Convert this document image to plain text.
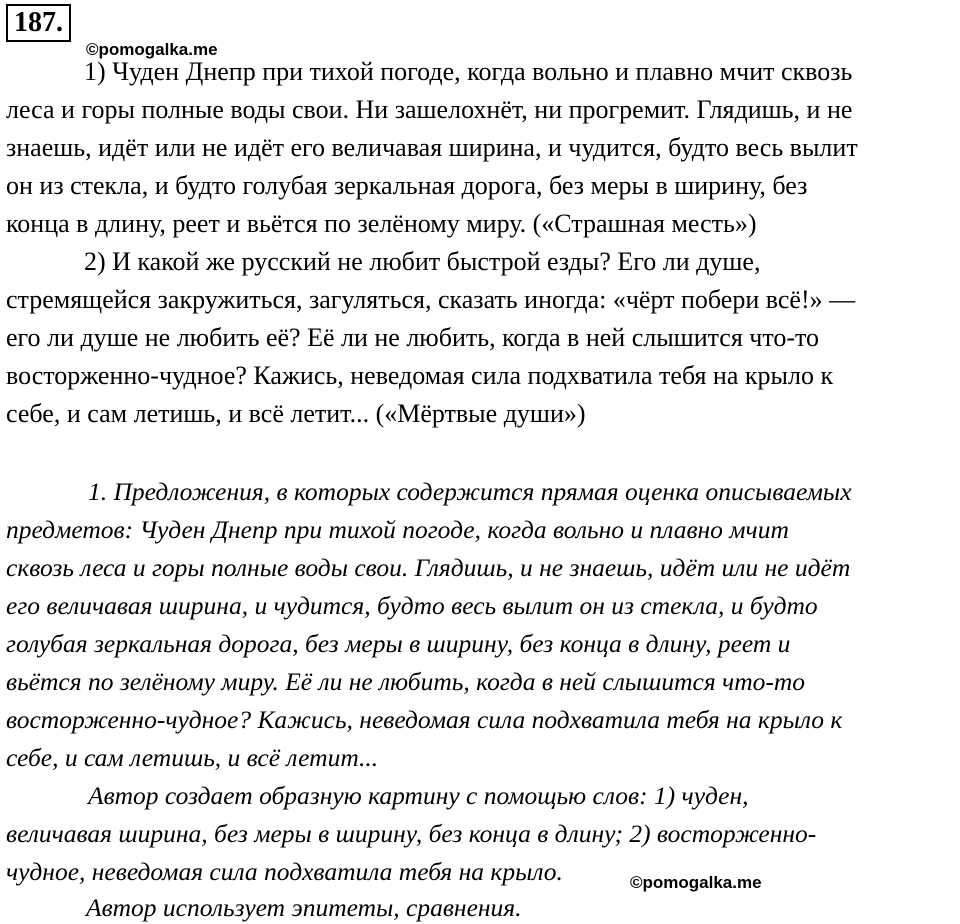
187.
©pomogalka.me
1) Чуден Днепр при тихой погоде, когда вольно и плавно мчит сквозь
леса и горы полные воды свои. Ни зашелохнёт, ни прогремит. Глядишь, и не
знаешь, идёт или не идёт его величавая ширина, и чудится, будто весь вылит
он из стекла, и будто голубая зеркальная дорога, без меры в ширину, без
конца в длину, реет и вьётся по зелёному миру. («Страшная месть»)
2) И какой же русский не любит быстрой езды? Его ли душе,
стремящейся закружиться, загуляться, сказать иногда: «чёрт побери всё!» —
его ли душе не любить её? Её ли не любить, когда в ней слышится что-то
восторженно-чудное? Кажись, неведомая сила подхватила тебя на крыло к
себе, и сам летишь, и всё летит... («Мёртвые души»)
1. Предложения, в которых содержится прямая оценка описываемых
предметов: Чуден Днепр при тихой погоде, когда вольно и плавно мчит
сквозь леса и горы полные воды свои. Глядишь, и не знаешь, идёт или не идёт
его величавая ширина, и чудится, будто весь вылит он из стекла, и будто
голубая зеркальная дорога, без меры в ширину, без конца в длину, реет и
вьётся по зелёному миру. Её ли не любить, когда в ней слышится что-то
восторженно-чудное? Кажись, неведомая сила подхватила тебя на крыло к
себе, и сам летишь, и всё летит...
Автор создает образную картину с помощью слов: 1) чуден,
величавая ширина, без меры в ширину, без конца в длину; 2) восторженно-
чудное, неведомая сила подхватила тебя на крыло.
Автор использует эпитеты, сравнения.
©pomogalka.me
